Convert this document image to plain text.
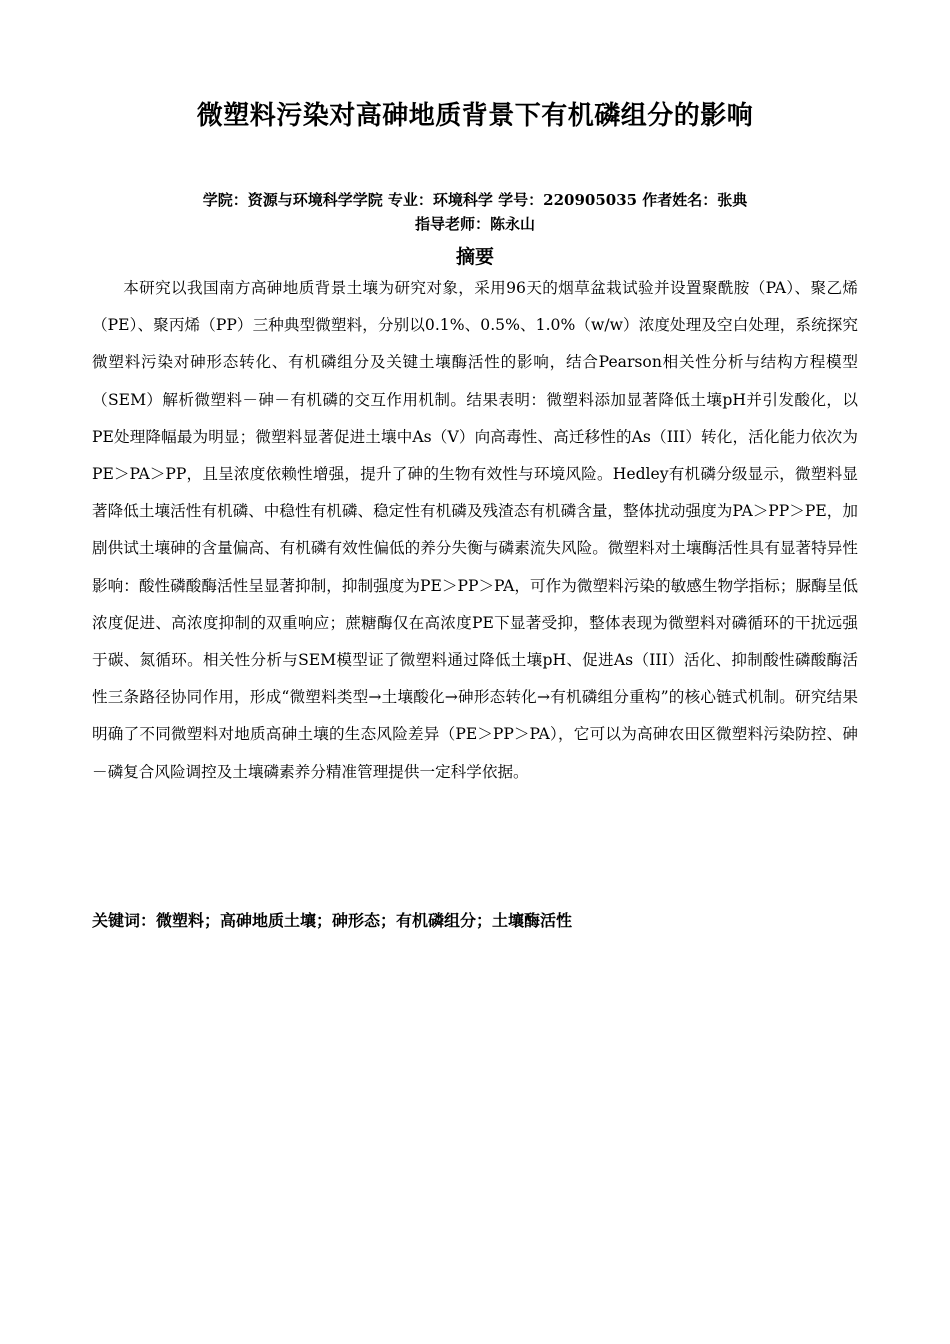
微塑料污染对高砷地质背景下有机磷组分的影响
学院：资源与环境科学学院 专业：环境科学 学号：220905035 作者姓名：张典
指导老师：陈永山
摘要

本研究以我国南方高砷地质背景土壤为研究对象，采用96天的烟草盆栽试验并设置聚酰胺（PA）、聚乙烯（PE）、聚丙烯（PP）三种典型微塑料，分别以0.1%、0.5%、1.0%（w/w）浓度处理及空白处理，系统探究微塑料污染对砷形态转化、有机磷组分及关键土壤酶活性的影响，结合Pearson相关性分析与结构方程模型（SEM）解析微塑料－砷－有机磷的交互作用机制。结果表明：微塑料添加显著降低土壤pH并引发酸化，以PE处理降幅最为明显；微塑料显著促进土壤中As（V）向高毒性、高迁移性的As（III）转化，活化能力依次为PE＞PA＞PP，且呈浓度依赖性增强，提升了砷的生物有效性与环境风险。Hedley有机磷分级显示，微塑料显著降低土壤活性有机磷、中稳性有机磷、稳定性有机磷及残渣态有机磷含量，整体扰动强度为PA＞PP＞PE，加剧供试土壤砷的含量偏高、有机磷有效性偏低的养分失衡与磷素流失风险。微塑料对土壤酶活性具有显著特异性影响：酸性磷酸酶活性呈显著抑制，抑制强度为PE＞PP＞PA，可作为微塑料污染的敏感生物学指标；脲酶呈低浓度促进、高浓度抑制的双重响应；蔗糖酶仅在高浓度PE下显著受抑，整体表现为微塑料对磷循环的干扰远强于碳、氮循环。相关性分析与SEM模型证了微塑料通过降低土壤pH、促进As（III）活化、抑制酸性磷酸酶活性三条路径协同作用，形成“微塑料类型→土壤酸化→砷形态转化→有机磷组分重构”的核心链式机制。研究结果明确了不同微塑料对地质高砷土壤的生态风险差异（PE＞PP＞PA），它可以为高砷农田区微塑料污染防控、砷－磷复合风险调控及土壤磷素养分精准管理提供一定科学依据。

关键词：微塑料；高砷地质土壤；砷形态；有机磷组分；土壤酶活性
